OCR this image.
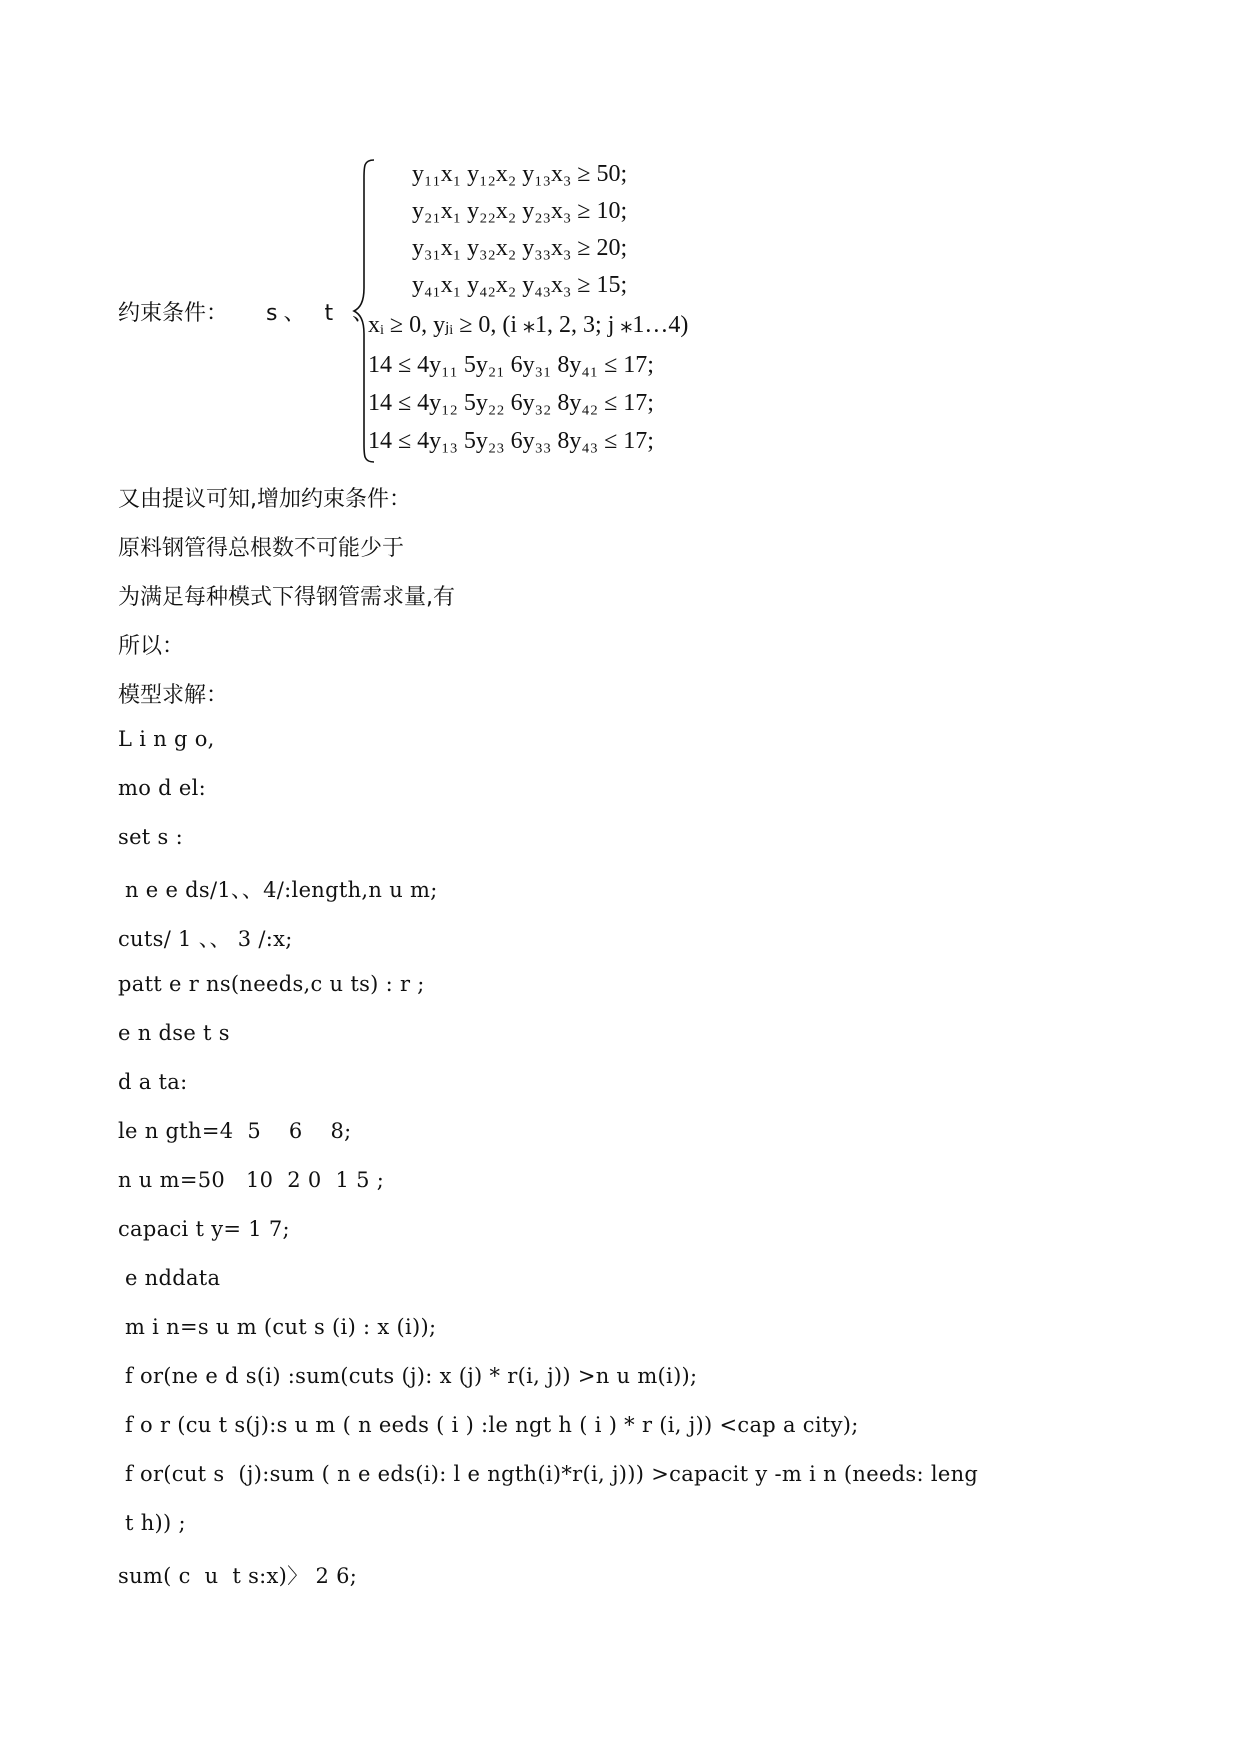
约束条件： s、 t 、
y₁₁x₁ y₁₂x₂ y₁₃x₃ ≥ 50;
y₂₁x₁ y₂₂x₂ y₂₃x₃ ≥ 10;
y₃₁x₁ y₃₂x₂ y₃₃x₃ ≥ 20;
y₄₁x₁ y₄₂x₂ y₄₃x₃ ≥ 15;
xᵢ ≥ 0, yⱼᵢ ≥ 0, (i ⁎1, 2, 3; j ⁎1…4)
14 ≤ 4y₁₁ 5y₂₁ 6y₃₁ 8y₄₁ ≤ 17;
14 ≤ 4y₁₂ 5y₂₂ 6y₃₂ 8y₄₂ ≤ 17;
14 ≤ 4y₁₃ 5y₂₃ 6y₃₃ 8y₄₃ ≤ 17;
又由提议可知,增加约束条件：
原料钢管得总根数不可能少于
为满足每种模式下得钢管需求量,有
所以：
模型求解：
L i n g o,
mo d el:
set s :
n e e ds/1、、4/:length,n u m;
cuts/ 1 、、 3 /:x;
patt e r ns(needs,c u ts) : r ;
e n dse t s
d a ta:
le n gth=4  5    6    8;
n u m=50   10  2 0  1 5 ;
capaci t y= 1 7;
e nddata
m i n=s u m (cut s (i) : x (i));
f or(ne e d s(i) :sum(cuts (j): x (j) * r(i, j)) >n u m(i));
f o r (cu t s(j):s u m ( n eeds ( i ) :le ngt h ( i ) * r (i, j)) <cap a city);
f or(cut s  (j):sum ( n e eds(i): l e ngth(i)*r(i, j))) >capacit y -m i n (needs: leng
t h)) ;
sum( c  u  t s:x)〉 2 6;
